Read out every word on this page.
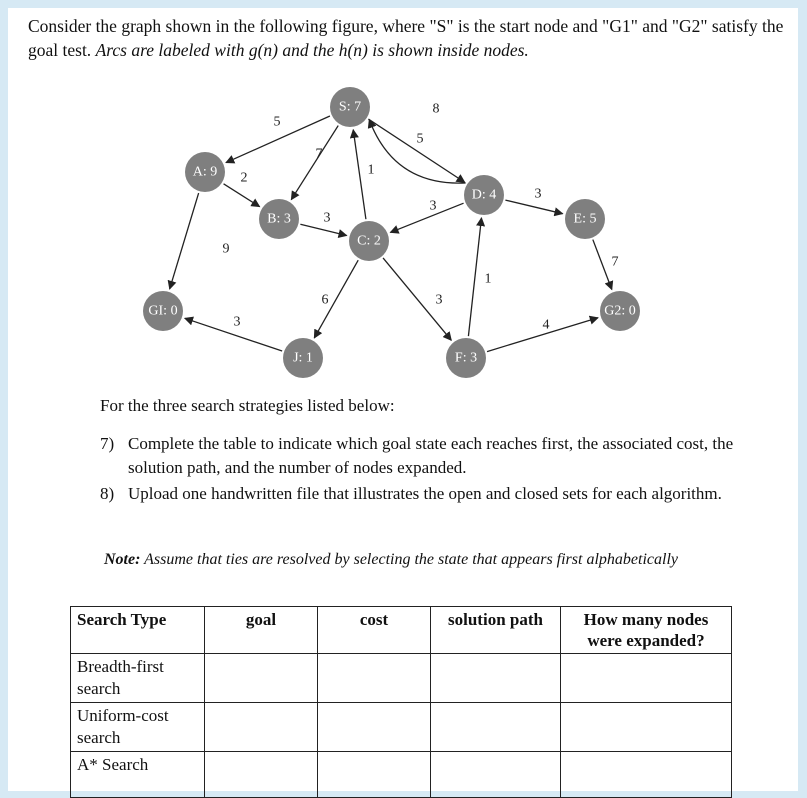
Consider the graph shown in the following figure, where "S" is the start node and "G1" and "G2" satisfy the goal test. Arcs are labeled with g(n) and the h(n) is shown inside nodes.

5
7
1
5
8
2
9
3
3
3
7
6	3
3
1
4
S: 7
A: 9
B: 3
C: 2
D: 4
E: 5
GI: 0	G2: 0
J: 1	F: 3

For the three search strategies listed below:

7) Complete the table to indicate which goal state each reaches first, the associated cost, the solution path, and the number of nodes expanded.
8) Upload one handwritten file that illustrates the open and closed sets for each algorithm.

Note: Assume that ties are resolved by selecting the state that appears first alphabetically

Search Type	goal	cost	solution path	How many nodes were expanded?
Breadth-first search				
Uniform-cost search				
A* Search				
